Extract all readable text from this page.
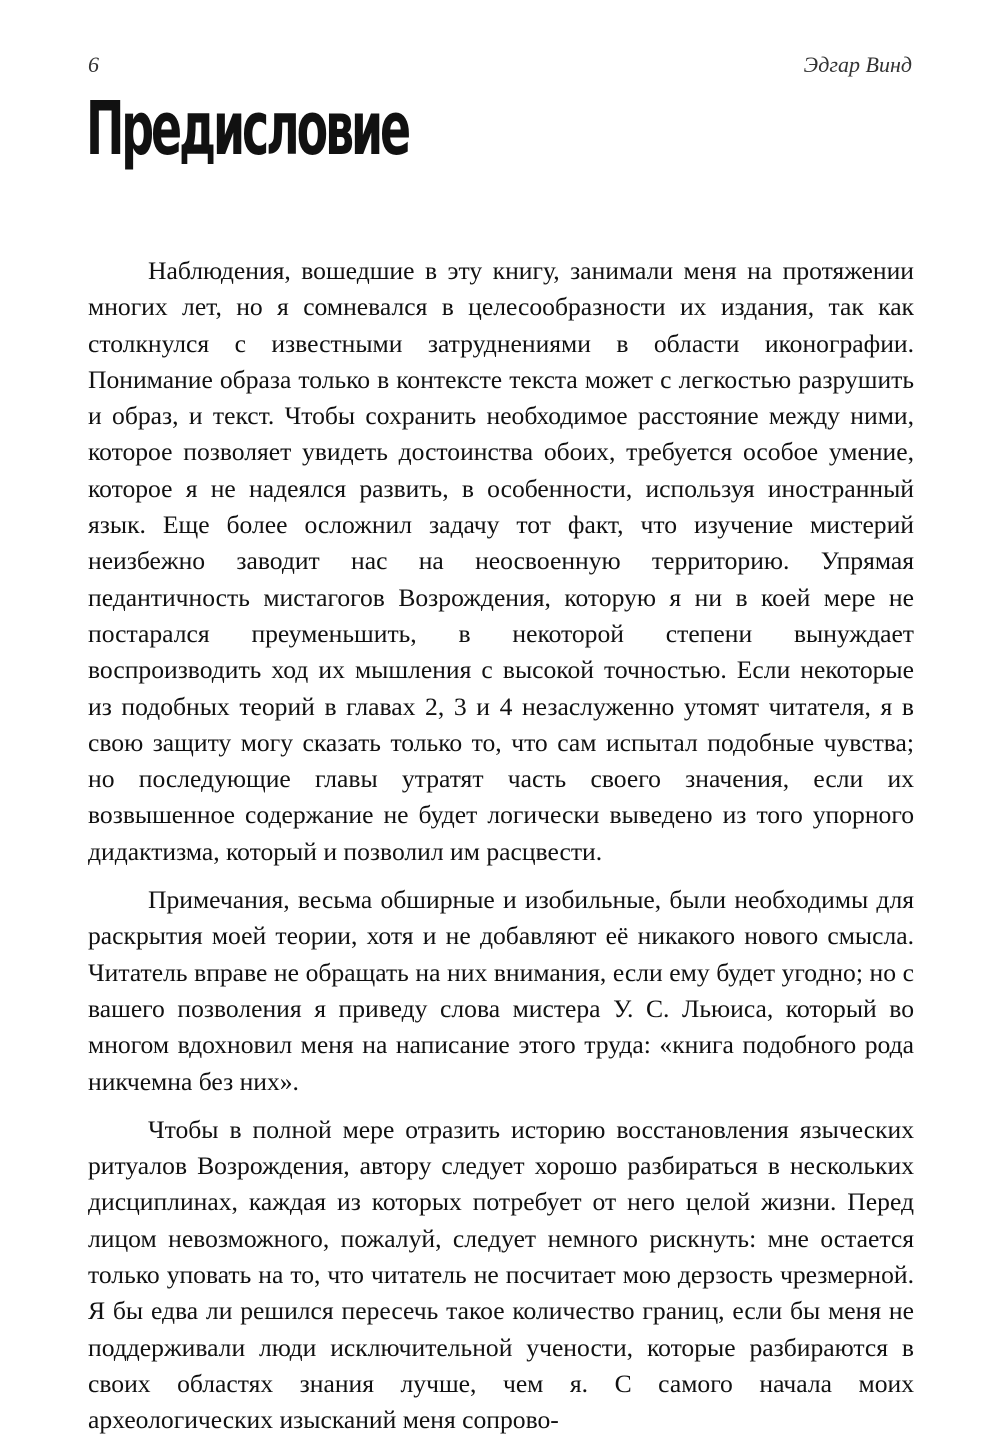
6	Эдгар Винд
Предисловие

Наблюдения, вошедшие в эту книгу, занимали меня на протяжении многих лет, но я сомневался в целесообразности их издания, так как столкнулся с известными затруднениями в области иконографии. Понимание образа только в контексте текста может с легкостью разрушить и образ, и текст. Чтобы сохранить необходимое расстояние между ними, которое позволяет увидеть достоинства обоих, требуется особое умение, которое я не надеялся развить, в особенности, используя иностранный язык. Еще более осложнил задачу тот факт, что изучение мистерий неизбежно заводит нас на неосвоенную территорию. Упрямая педантичность мистагогов Возрождения, которую я ни в коей мере не постарался преуменьшить, в некоторой степени вынуждает воспроизводить ход их мышления с высокой точностью. Если некоторые из подобных теорий в главах 2, 3 и 4 незаслуженно утомят читателя, я в свою защиту могу сказать только то, что сам испытал подобные чувства; но последующие главы утратят часть своего значения, если их возвышенное содержание не будет логически выведено из того упорного дидактизма, который и позволил им расцвести.

Примечания, весьма обширные и изобильные, были необходимы для раскрытия моей теории, хотя и не добавляют её никакого нового смысла. Читатель вправе не обращать на них внимания, если ему будет угодно; но с вашего позволения я приведу слова мистера У. С. Льюиса, который во многом вдохновил меня на написание этого труда: «книга подобного рода никчемна без них».

Чтобы в полной мере отразить историю восстановления языческих ритуалов Возрождения, автору следует хорошо разбираться в нескольких дисциплинах, каждая из которых потребует от него целой жизни. Перед лицом невозможного, пожалуй, следует немного рискнуть: мне остается только уповать на то, что читатель не посчитает мою дерзость чрезмерной. Я бы едва ли решился пересечь такое количество границ, если бы меня не поддерживали люди исключительной учености, которые разбираются в своих областях знания лучше, чем я. С самого начала моих археологических изысканий меня сопрово-
